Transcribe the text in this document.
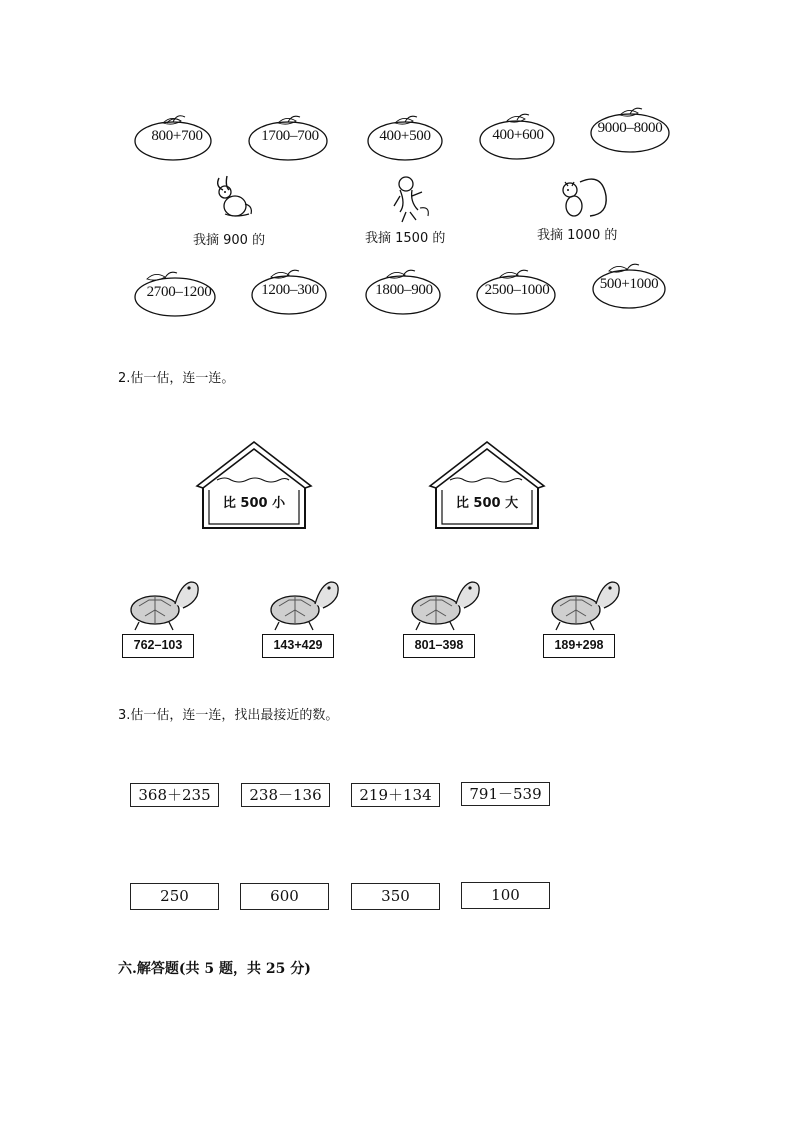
800+700	1700–700	400+500	400+600	9000–8000
我摘 900 的	我摘 1500 的	我摘 1000 的
2700–1200	1200–300	1800–900	2500–1000	500+1000
2.估一估，连一连。
比 500 小	比 500 大
762–103	143+429	801–398	189+298
3.估一估，连一连，找出最接近的数。
368＋235	238－136	219＋134	791－539
250	600	350	100
六.解答题(共 5 题，共 25 分)
